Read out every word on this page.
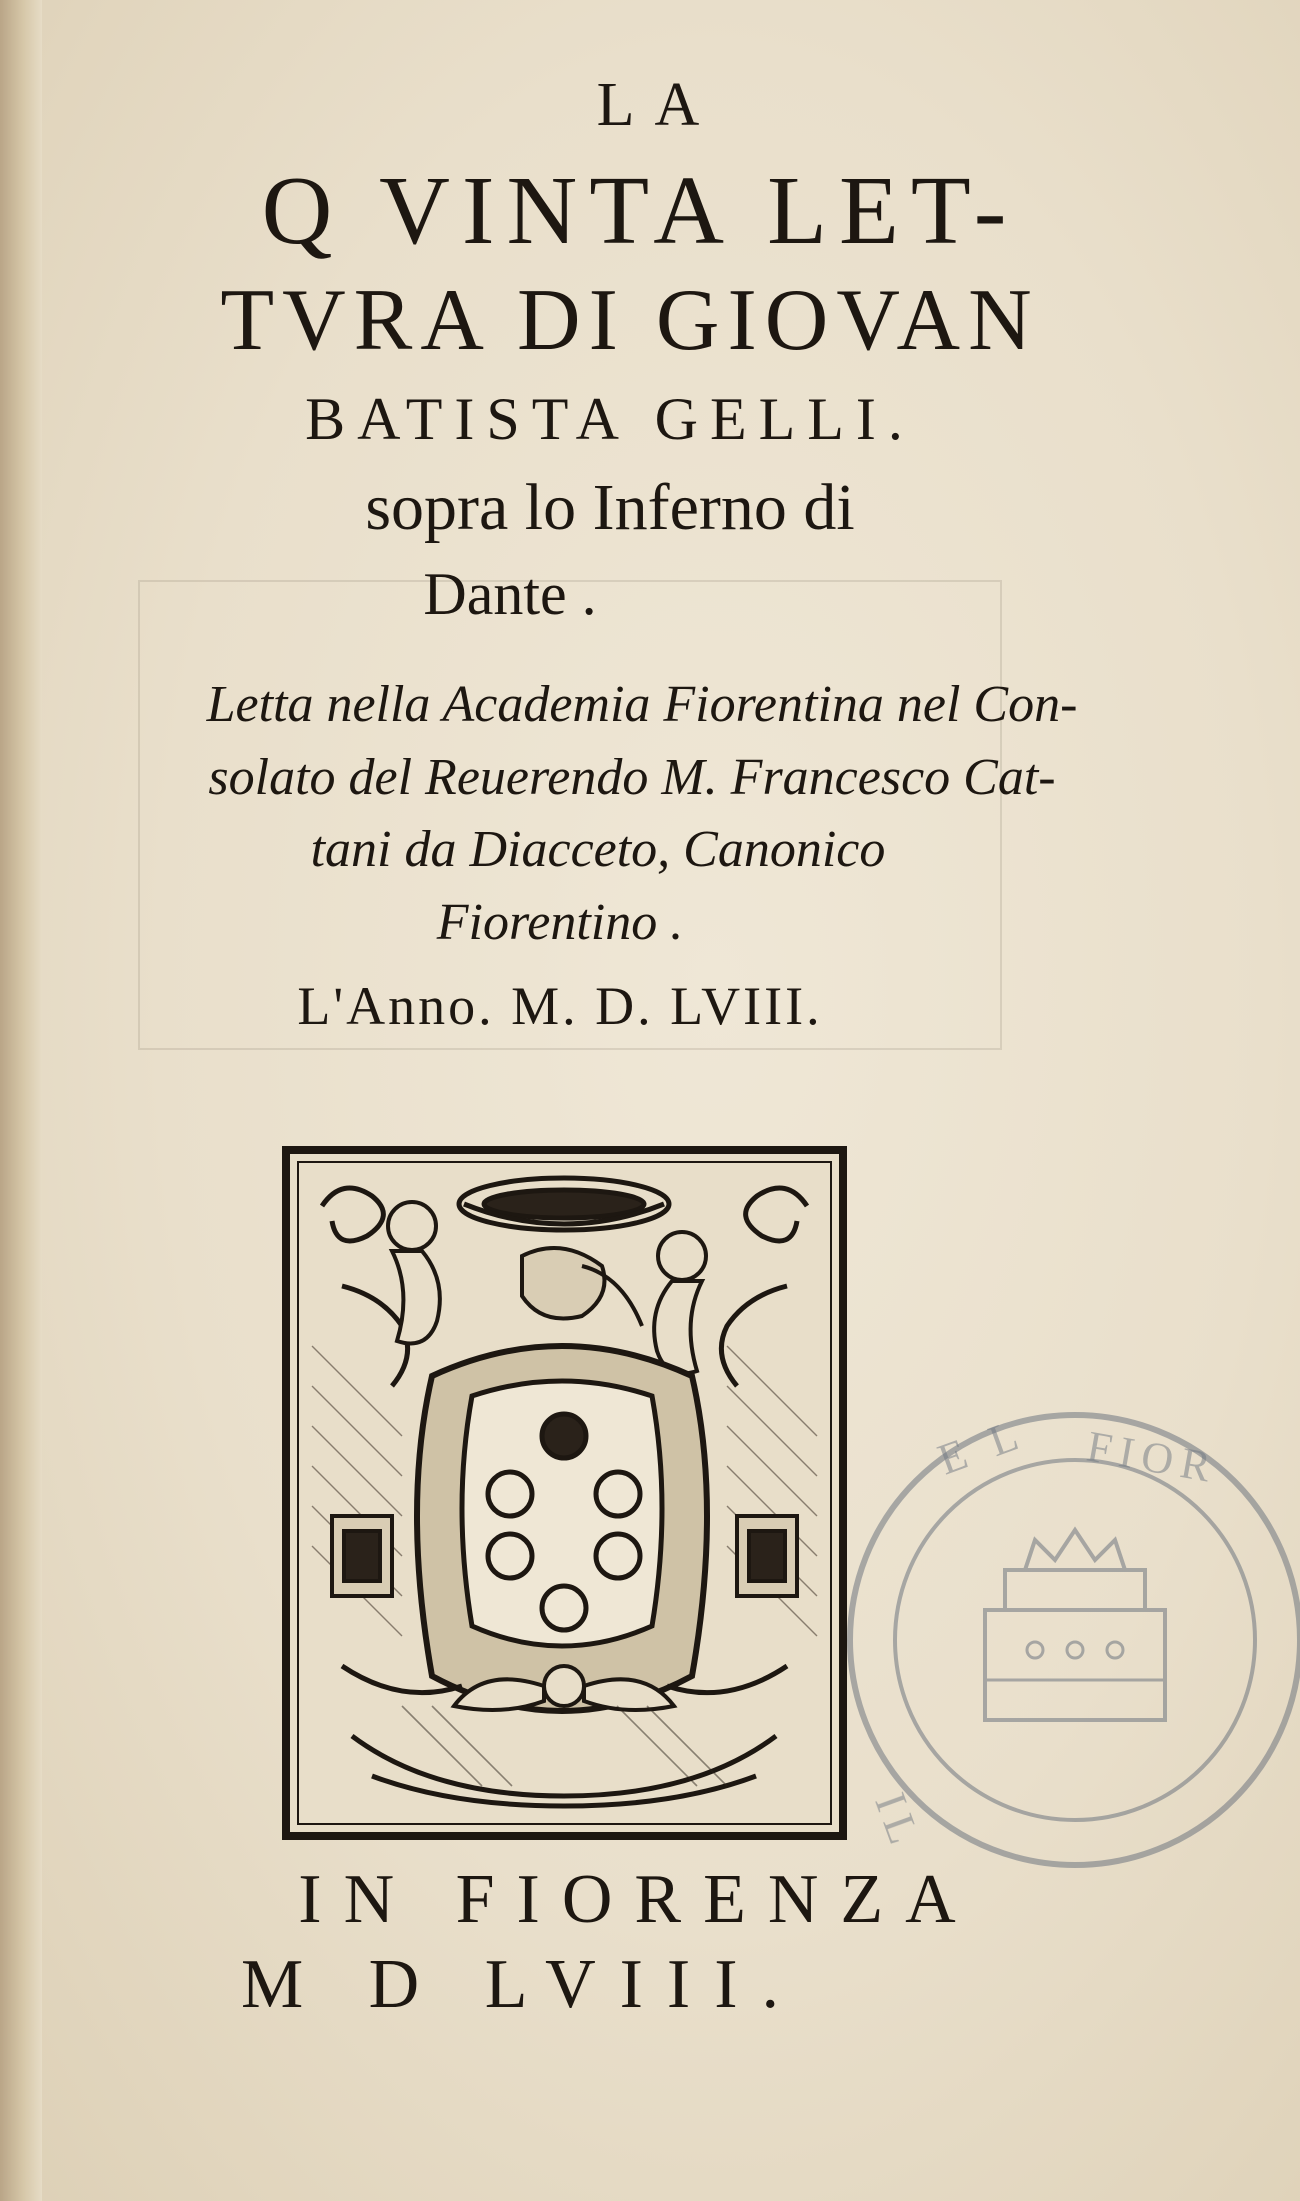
LA

Q VINTA LET-

TVRA DI GIOVAN

BATISTA GELLI.

sopra lo Inferno di

Dante .

Letta nella Academia Fiorentina nel Con-

solato del Reuerendo M. Francesco Cat-

tani da Diacceto, Canonico

Fiorentino .

L'Anno. M. D. LVIII.

E L FIOR
IL

IN FIORENZA

M D LVIII.
